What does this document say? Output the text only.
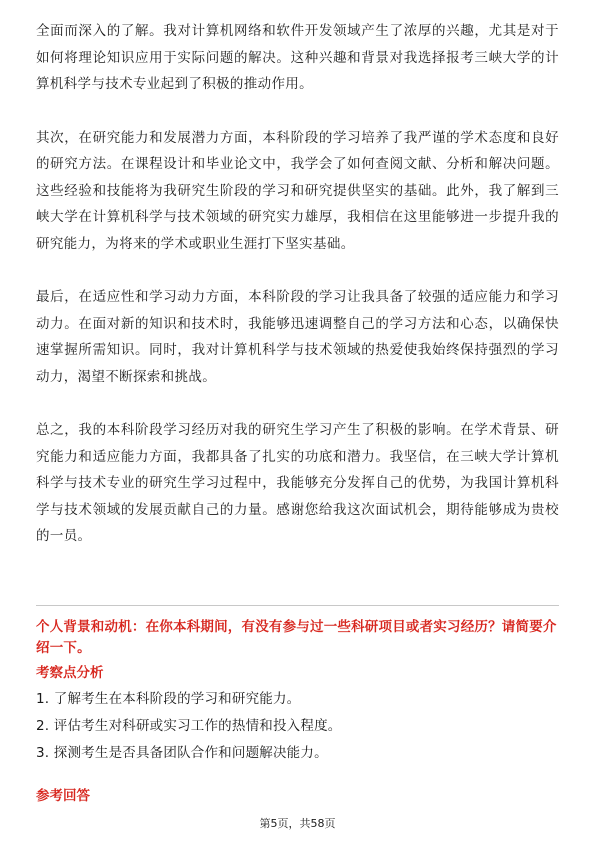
全面而深入的了解。我对计算机网络和软件开发领域产生了浓厚的兴趣，尤其是对于如何将理论知识应用于实际问题的解决。这种兴趣和背景对我选择报考三峡大学的计算机科学与技术专业起到了积极的推动作用。

其次，在研究能力和发展潜力方面，本科阶段的学习培养了我严谨的学术态度和良好的研究方法。在课程设计和毕业论文中，我学会了如何查阅文献、分析和解决问题。这些经验和技能将为我研究生阶段的学习和研究提供坚实的基础。此外，我了解到三峡大学在计算机科学与技术领域的研究实力雄厚，我相信在这里能够进一步提升我的研究能力，为将来的学术或职业生涯打下坚实基础。

最后，在适应性和学习动力方面，本科阶段的学习让我具备了较强的适应能力和学习动力。在面对新的知识和技术时，我能够迅速调整自己的学习方法和心态，以确保快速掌握所需知识。同时，我对计算机科学与技术领域的热爱使我始终保持强烈的学习动力，渴望不断探索和挑战。

总之，我的本科阶段学习经历对我的研究生学习产生了积极的影响。在学术背景、研究能力和适应能力方面，我都具备了扎实的功底和潜力。我坚信，在三峡大学计算机科学与技术专业的研究生学习过程中，我能够充分发挥自己的优势，为我国计算机科学与技术领域的发展贡献自己的力量。感谢您给我这次面试机会，期待能够成为贵校的一员。

个人背景和动机：在你本科期间，有没有参与过一些科研项目或者实习经历？请简要介绍一下。

考察点分析

1. 了解考生在本科阶段的学习和研究能力。
2. 评估考生对科研或实习工作的热情和投入程度。
3. 探测考生是否具备团队合作和问题解决能力。

参考回答

第5页，共58页
